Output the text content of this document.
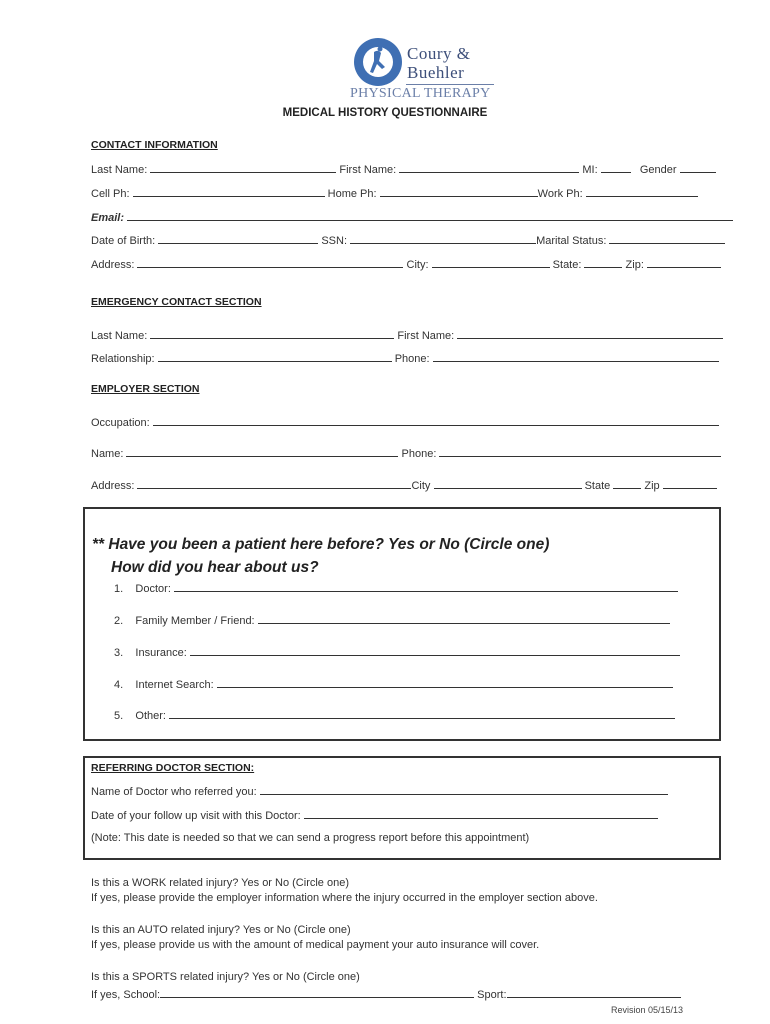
Coury &
Buehler
PHYSICAL THERAPY
MEDICAL HISTORY QUESTIONNAIRE
CONTACT INFORMATION
Last Name:	First Name:	MI:	Gender
Cell Ph:	Home Ph:	Work Ph:
Email:
Date of Birth:	SSN:	Marital Status:
Address:	City:	State:	Zip:
EMERGENCY CONTACT SECTION
Last Name:	First Name:
Relationship:	Phone:
EMPLOYER SECTION
Occupation:
Name:	Phone:
Address:	City	State	Zip
** Have you been a patient here before? Yes or No (Circle one)
How did you hear about us?
1. Doctor:
2. Family Member / Friend:
3. Insurance:
4. Internet Search:
5. Other:
REFERRING DOCTOR SECTION:
Name of Doctor who referred you:
Date of your follow up visit with this Doctor:
(Note: This date is needed so that we can send a progress report before this appointment)
Is this a WORK related injury? Yes or No (Circle one)
If yes, please provide the employer information where the injury occurred in the employer section above.
Is this an AUTO related injury? Yes or No (Circle one)
If yes, please provide us with the amount of medical payment your auto insurance will cover.
Is this a SPORTS related injury? Yes or No (Circle one)
If yes, School:	Sport:
Revision 05/15/13
